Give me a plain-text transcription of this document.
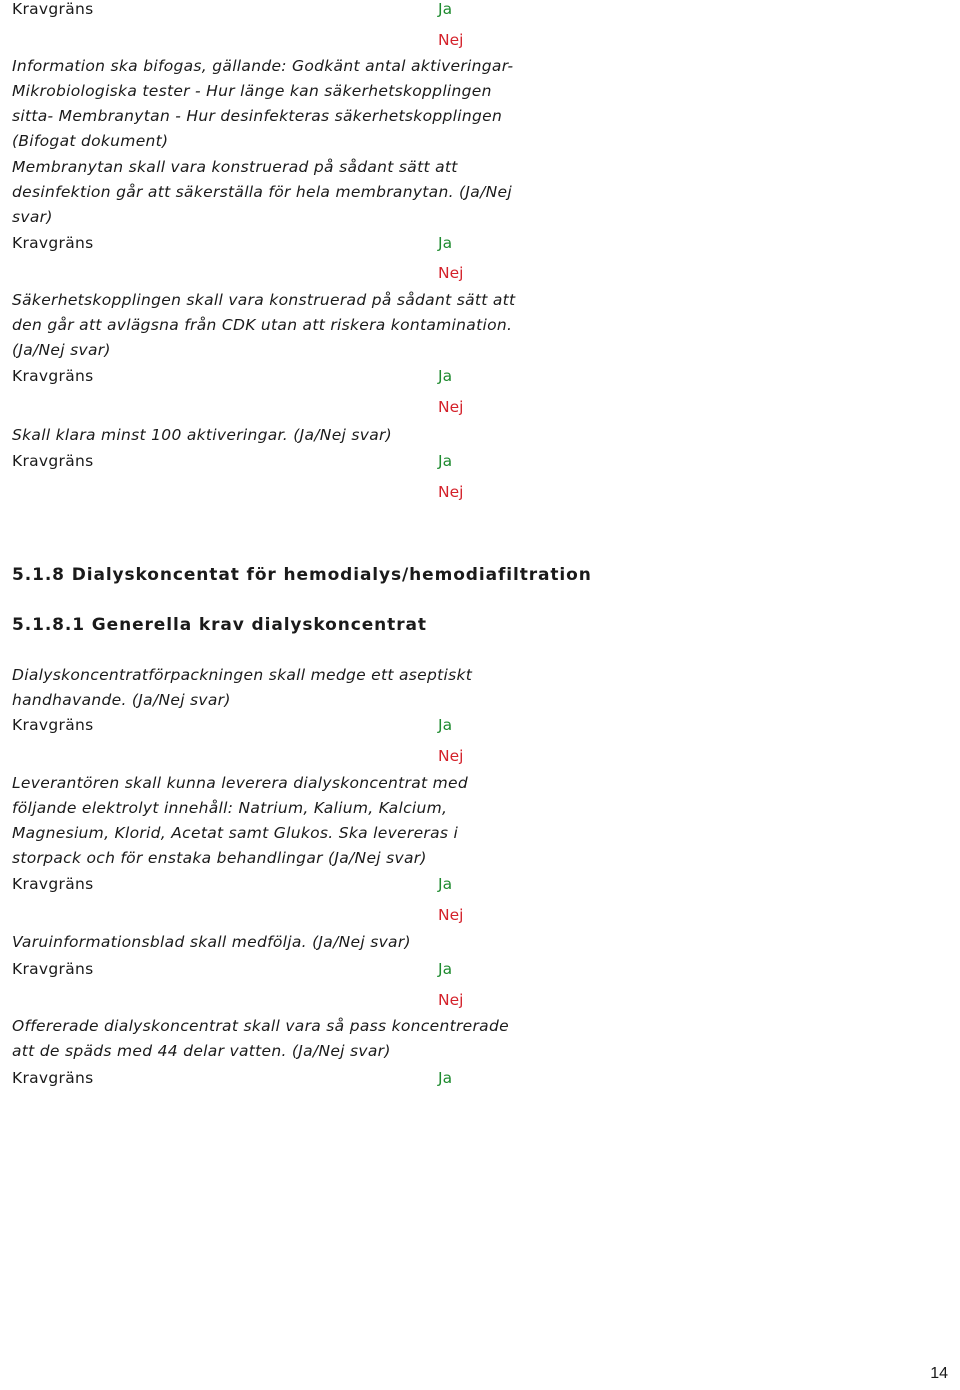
Kravgräns	Ja
Nej
Information ska bifogas, gällande: Godkänt antal aktiveringar-
Mikrobiologiska tester - Hur länge kan säkerhetskopplingen
sitta- Membranytan - Hur desinfekteras säkerhetskopplingen
(Bifogat dokument)
Membranytan skall vara konstruerad på sådant sätt att
desinfektion går att säkerställa för hela membranytan. (Ja/Nej
svar)
Kravgräns	Ja
Nej
Säkerhetskopplingen skall vara konstruerad på sådant sätt att
den går att avlägsna från CDK utan att riskera kontamination.
(Ja/Nej svar)
Kravgräns	Ja
Nej
Skall klara minst 100 aktiveringar. (Ja/Nej svar)
Kravgräns	Ja
Nej
5.1.8 Dialyskoncentat för hemodialys/hemodiafiltration
5.1.8.1 Generella krav dialyskoncentrat
Dialyskoncentratförpackningen skall medge ett aseptiskt
handhavande. (Ja/Nej svar)
Kravgräns	Ja
Nej
Leverantören skall kunna leverera dialyskoncentrat med
följande elektrolyt innehåll: Natrium, Kalium, Kalcium,
Magnesium, Klorid, Acetat samt Glukos. Ska levereras i
storpack och för enstaka behandlingar (Ja/Nej svar)
Kravgräns	Ja
Nej
Varuinformationsblad skall medfölja. (Ja/Nej svar)
Kravgräns	Ja
Nej
Offererade dialyskoncentrat skall vara så pass koncentrerade
att de späds med 44 delar vatten. (Ja/Nej svar)
Kravgräns	Ja
14
